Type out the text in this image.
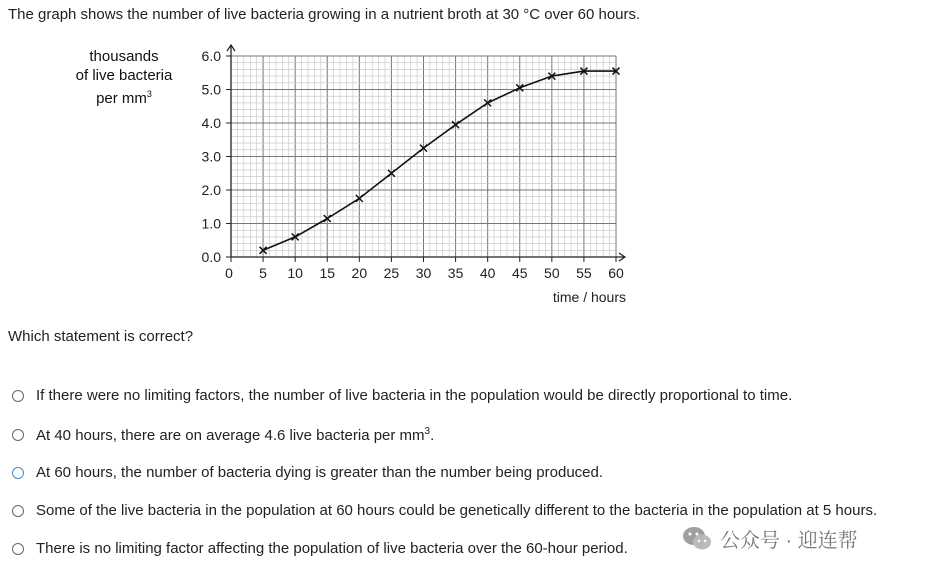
The graph shows the number of live bacteria growing in a nutrient broth at 30 °C over 60 hours.
thousands
of live bacteria
per $mm^3$
0.0
1.0
2.0
3.0
4.0
5.0
6.0
0 5 10 15 20 25 30 35 40 45 50 55 60
time / hours
Which statement is correct?
If there were no limiting factors, the number of live bacteria in the population would be directly proportional to time.
At 40 hours, there are on average 4.6 live bacteria per $mm^3$.
At 60 hours, the number of bacteria dying is greater than the number being produced.
Some of the live bacteria in the population at 60 hours could be genetically different to the bacteria in the population at 5 hours.
There is no limiting factor affecting the population of live bacteria over the 60-hour period.	公众号 · 迎连帮
